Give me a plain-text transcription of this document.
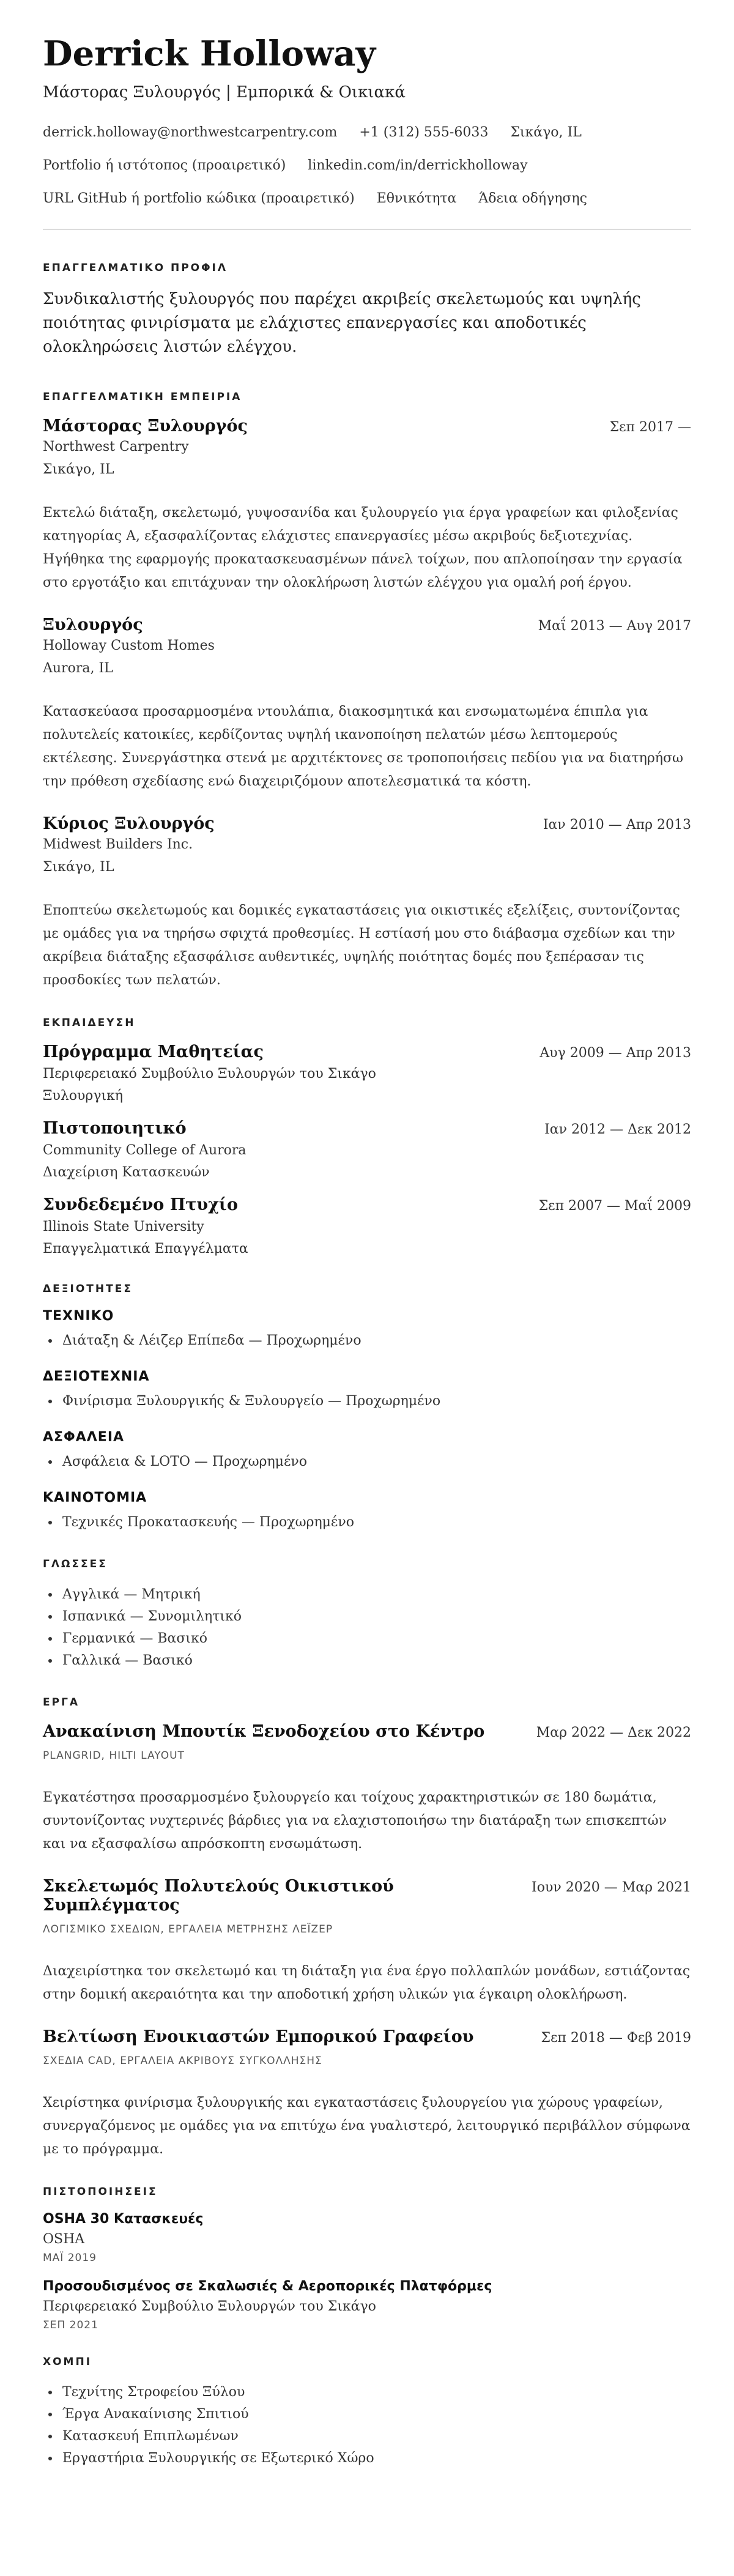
Derrick Holloway
Μάστορας Ξυλουργός | Εμπορικά & Οικιακά
derrick.holloway@northwestcarpentry.com +1 (312) 555-6033 Σικάγο, IL
Portfolio ή ιστότοπος (προαιρετικό) linkedin.com/in/derrickholloway
URL GitHub ή portfolio κώδικα (προαιρετικό) Εθνικότητα Άδεια οδήγησης
ΕΠΑΓΓΕΛΜΑΤΙΚΟ ΠΡΟΦΙΛ

Συνδικαλιστής ξυλουργός που παρέχει ακριβείς σκελετωμούς και υψηλής ποιότητας φινιρίσματα με ελάχιστες επανεργασίες και αποδοτικές ολοκληρώσεις λιστών ελέγχου.

ΕΠΑΓΓΕΛΜΑΤΙΚΗ ΕΜΠΕΙΡΙΑ
Μάστορας Ξυλουργός	Σεπ 2017 —
Northwest Carpentry
Σικάγο, IL
Εκτελώ διάταξη, σκελετωμό, γυψοσανίδα και ξυλουργείο για έργα γραφείων και φιλοξενίας κατηγορίας Α, εξασφαλίζοντας ελάχιστες επανεργασίες μέσω ακριβούς δεξιοτεχνίας. Ηγήθηκα της εφαρμογής προκατασκευασμένων πάνελ τοίχων, που απλοποίησαν την εργασία στο εργοτάξιο και επιτάχυναν την ολοκλήρωση λιστών ελέγχου για ομαλή ροή έργου.
Ξυλουργός	Μαΐ 2013 — Αυγ 2017
Holloway Custom Homes
Aurora, IL
Κατασκεύασα προσαρμοσμένα ντουλάπια, διακοσμητικά και ενσωματωμένα έπιπλα για πολυτελείς κατοικίες, κερδίζοντας υψηλή ικανοποίηση πελατών μέσω λεπτομερούς εκτέλεσης. Συνεργάστηκα στενά με αρχιτέκτονες σε τροποποιήσεις πεδίου για να διατηρήσω την πρόθεση σχεδίασης ενώ διαχειριζόμουν αποτελεσματικά τα κόστη.
Κύριος Ξυλουργός	Ιαν 2010 — Απρ 2013
Midwest Builders Inc.
Σικάγο, IL
Εποπτεύω σκελετωμούς και δομικές εγκαταστάσεις για οικιστικές εξελίξεις, συντονίζοντας με ομάδες για να τηρήσω σφιχτά προθεσμίες. Η εστίασή μου στο διάβασμα σχεδίων και την ακρίβεια διάταξης εξασφάλισε αυθεντικές, υψηλής ποιότητας δομές που ξεπέρασαν τις προσδοκίες των πελατών.
ΕΚΠΑΙΔΕΥΣΗ
Πρόγραμμα Μαθητείας	Αυγ 2009 — Απρ 2013
Περιφερειακό Συμβούλιο Ξυλουργών του Σικάγο
Ξυλουργική
Πιστοποιητικό	Ιαν 2012 — Δεκ 2012
Community College of Aurora
Διαχείριση Κατασκευών
Συνδεδεμένο Πτυχίο	Σεπ 2007 — Μαΐ 2009
Illinois State University
Επαγγελματικά Επαγγέλματα
ΔΕΞΙΟΤΗΤΕΣ
ΤΕΧΝΙΚΟ
• Διάταξη & Λέιζερ Επίπεδα — Προχωρημένο
ΔΕΞΙΟΤΕΧΝΙΑ
• Φινίρισμα Ξυλουργικής & Ξυλουργείο — Προχωρημένο
ΑΣΦΑΛΕΙΑ
• Ασφάλεια & LOTO — Προχωρημένο
ΚΑΙΝΟΤΟΜΙΑ
• Τεχνικές Προκατασκευής — Προχωρημένο
ΓΛΩΣΣΕΣ
• Αγγλικά — Μητρική
• Ισπανικά — Συνομιλητικό
• Γερμανικά — Βασικό
• Γαλλικά — Βασικό
ΕΡΓΑ
Ανακαίνιση Μπουτίκ Ξενοδοχείου στο Κέντρο	Μαρ 2022 — Δεκ 2022
PLANGRID, HILTI LAYOUT
Εγκατέστησα προσαρμοσμένο ξυλουργείο και τοίχους χαρακτηριστικών σε 180 δωμάτια, συντονίζοντας νυχτερινές βάρδιες για να ελαχιστοποιήσω την διατάραξη των επισκεπτών και να εξασφαλίσω απρόσκοπτη ενσωμάτωση.
Σκελετωμός Πολυτελούς Οικιστικού Συμπλέγματος
Ιουν 2020 — Μαρ 2021
ΛΟΓΙΣΜΙΚΟ ΣΧΕΔΙΩΝ, ΕΡΓΑΛΕΙΑ ΜΕΤΡΗΣΗΣ ΛΕΪΖΕΡ
Διαχειρίστηκα τον σκελετωμό και τη διάταξη για ένα έργο πολλαπλών μονάδων, εστιάζοντας στην δομική ακεραιότητα και την αποδοτική χρήση υλικών για έγκαιρη ολοκλήρωση.
Βελτίωση Ενοικιαστών Εμπορικού Γραφείου	Σεπ 2018 — Φεβ 2019
ΣΧΕΔΙΑ CAD, ΕΡΓΑΛΕΙΑ ΑΚΡΙΒΟΥΣ ΣΥΓΚΟΛΛΗΣΗΣ
Χειρίστηκα φινίρισμα ξυλουργικής και εγκαταστάσεις ξυλουργείου για χώρους γραφείων, συνεργαζόμενος με ομάδες για να επιτύχω ένα γυαλιστερό, λειτουργικό περιβάλλον σύμφωνα με το πρόγραμμα.
ΠΙΣΤΟΠΟΙΗΣΕΙΣ
OSHA 30 Κατασκευές
OSHA
ΜΑΪ 2019
Προσουδισμένος σε Σκαλωσιές & Αεροπορικές Πλατφόρμες
Περιφερειακό Συμβούλιο Ξυλουργών του Σικάγο
ΣΕΠ 2021
ΧΟΜΠΙ
• Τεχνίτης Στροφείου Ξύλου
• Έργα Ανακαίνισης Σπιτιού
• Κατασκευή Επιπλωμένων
• Εργαστήρια Ξυλουργικής σε Εξωτερικό Χώρο
